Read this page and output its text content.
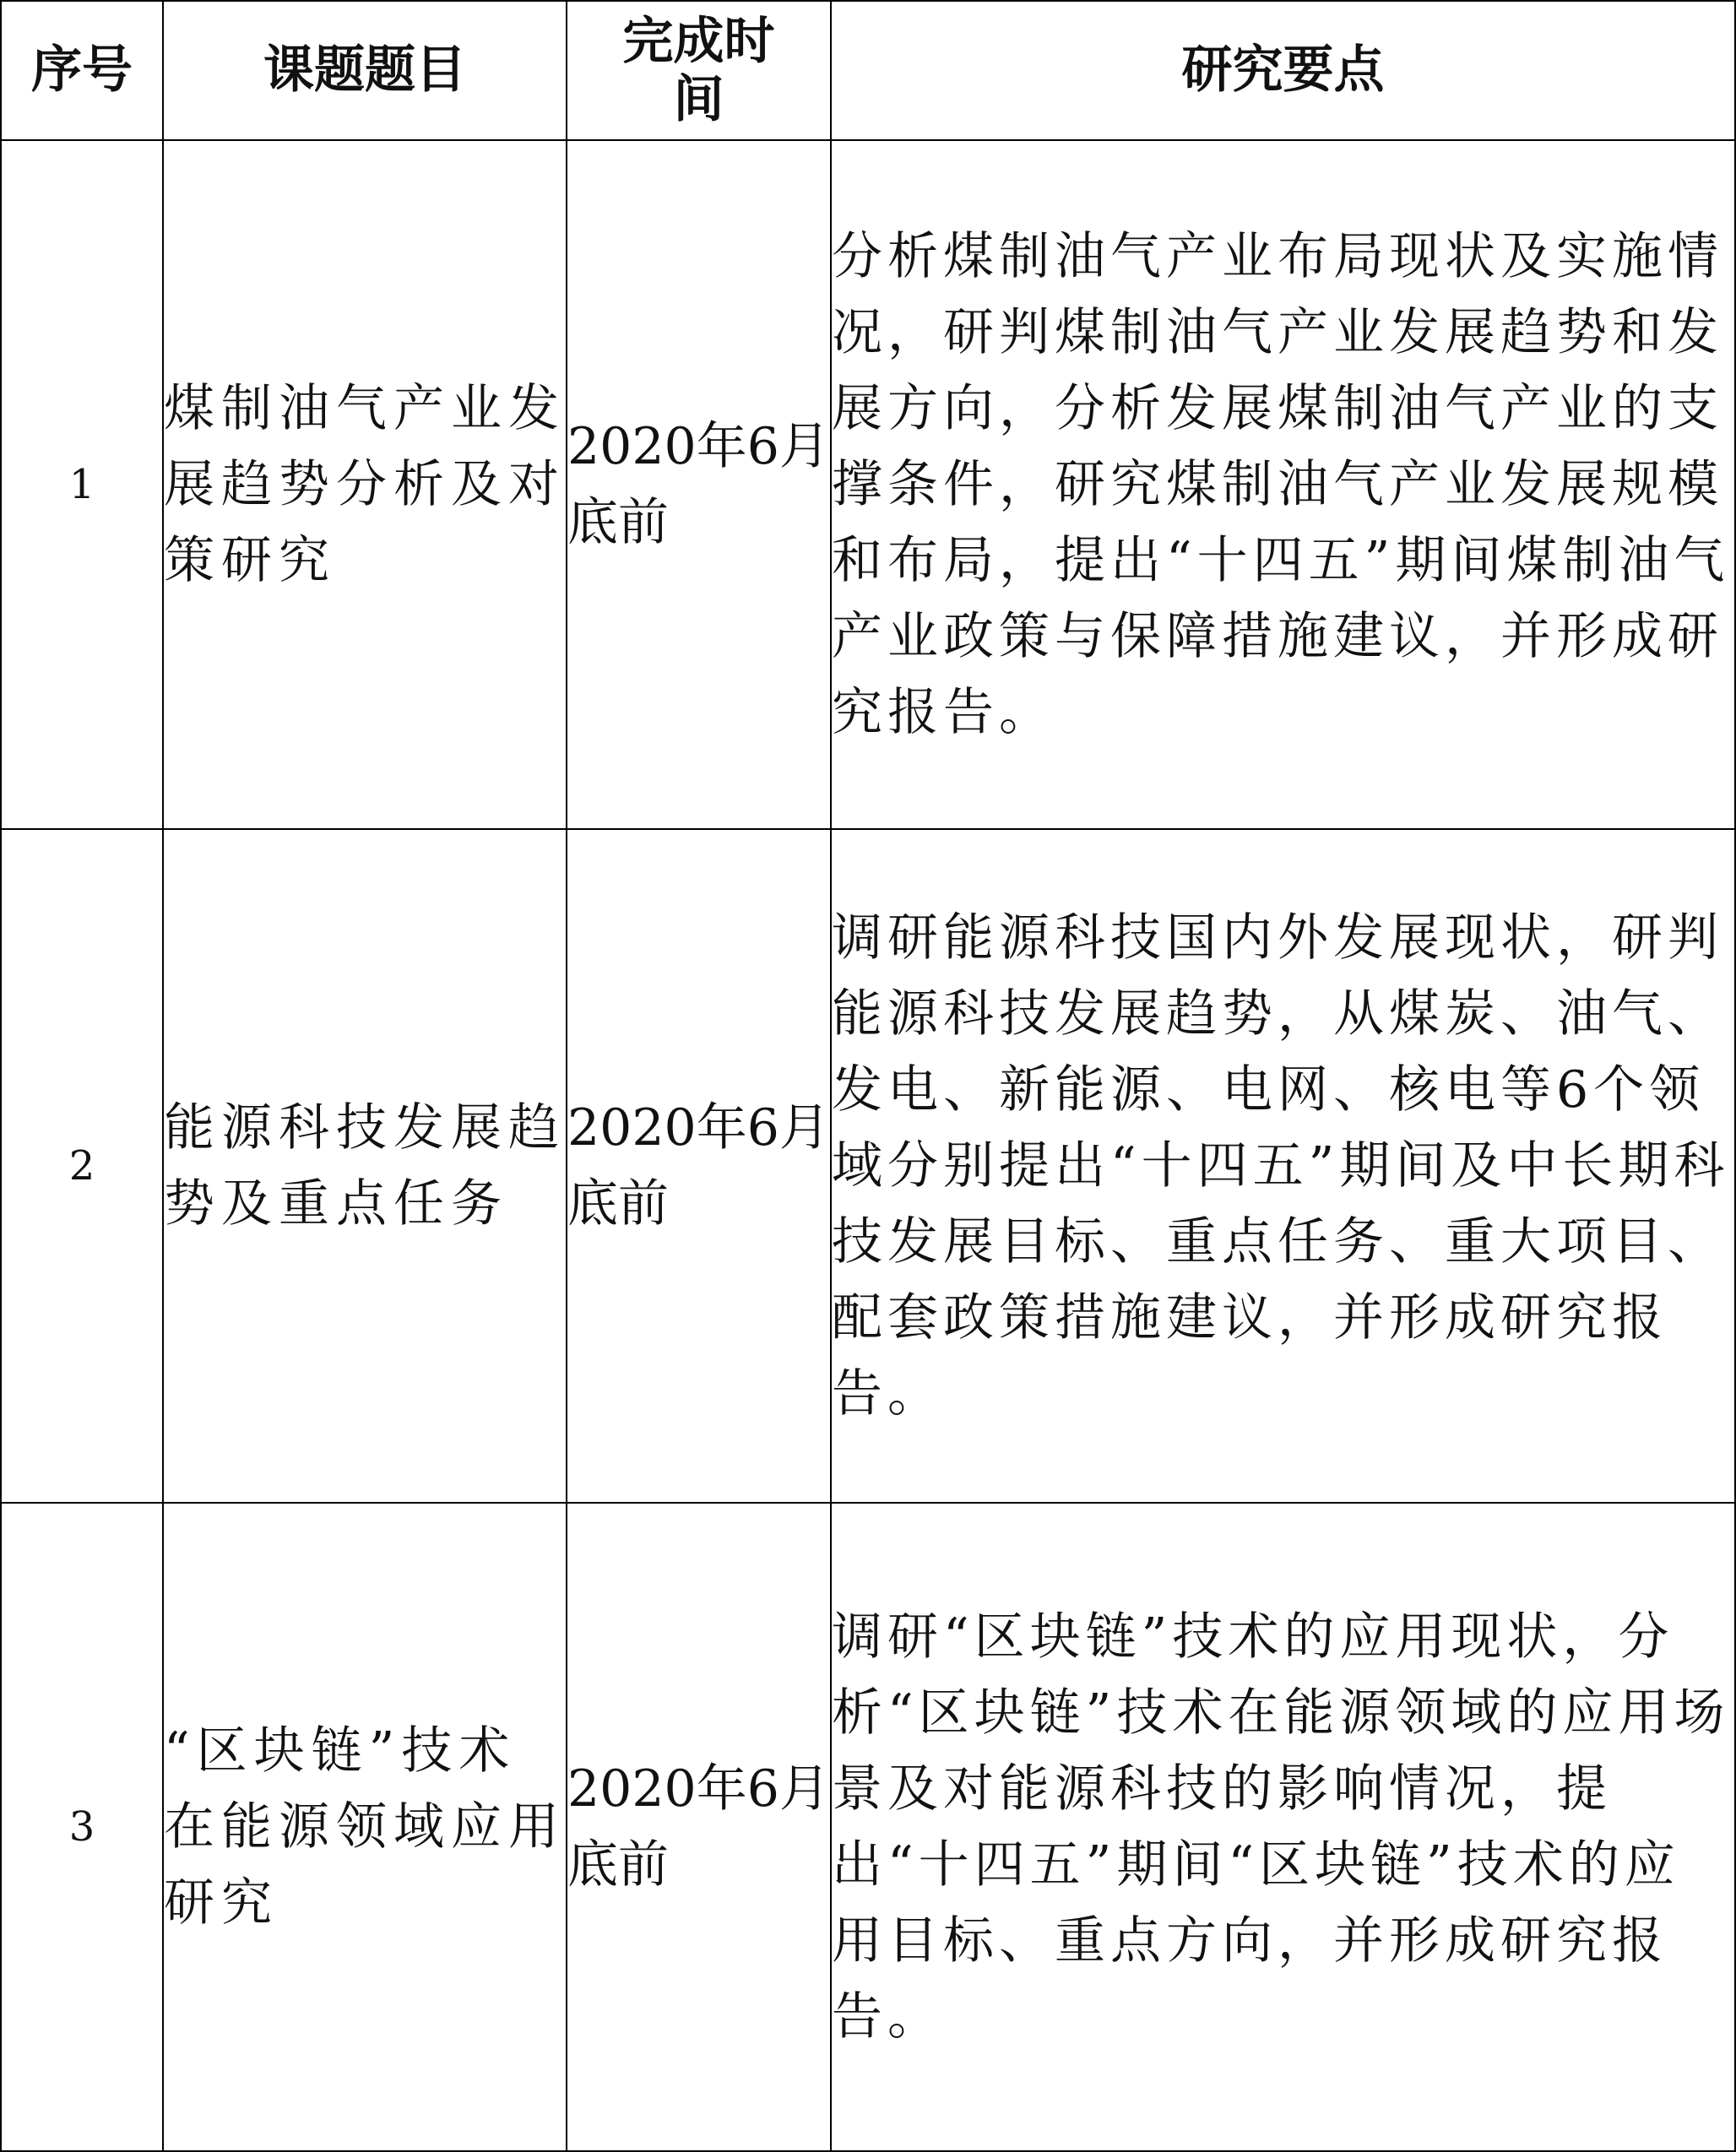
序号	课题题目	完成时间	研究要点
1	煤制油气产业发展趋势分析及对策研究	2020年6月底前	分析煤制油气产业布局现状及实施情况，研判煤制油气产业发展趋势和发展方向，分析发展煤制油气产业的支撑条件，研究煤制油气产业发展规模和布局，提出“十四五”期间煤制油气产业政策与保障措施建议，并形成研究报告。
2	能源科技发展趋势及重点任务	2020年6月底前	调研能源科技国内外发展现状，研判能源科技发展趋势，从煤炭、油气、发电、新能源、电网、核电等6个领域分别提出“十四五”期间及中长期科技发展目标、重点任务、重大项目、配套政策措施建议，并形成研究报告。
3	“区块链”技术在能源领域应用研究	2020年6月底前	调研“区块链”技术的应用现状，分析“区块链”技术在能源领域的应用场景及对能源科技的影响情况，提出“十四五”期间“区块链”技术的应用目标、重点方向，并形成研究报告。
